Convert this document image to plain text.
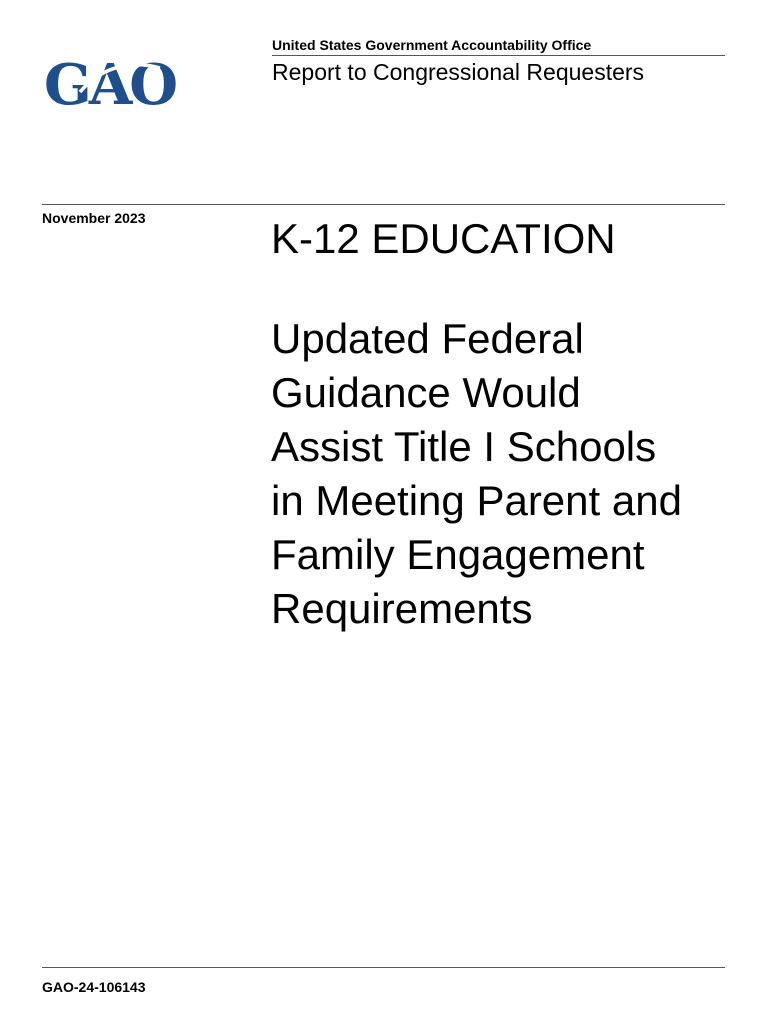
United States Government Accountability Office
GAO	Report to Congressional Requesters
November 2023	K-12 EDUCATION
Updated Federal
Guidance Would
Assist Title I Schools
in Meeting Parent and
Family Engagement
Requirements
GAO-24-106143
